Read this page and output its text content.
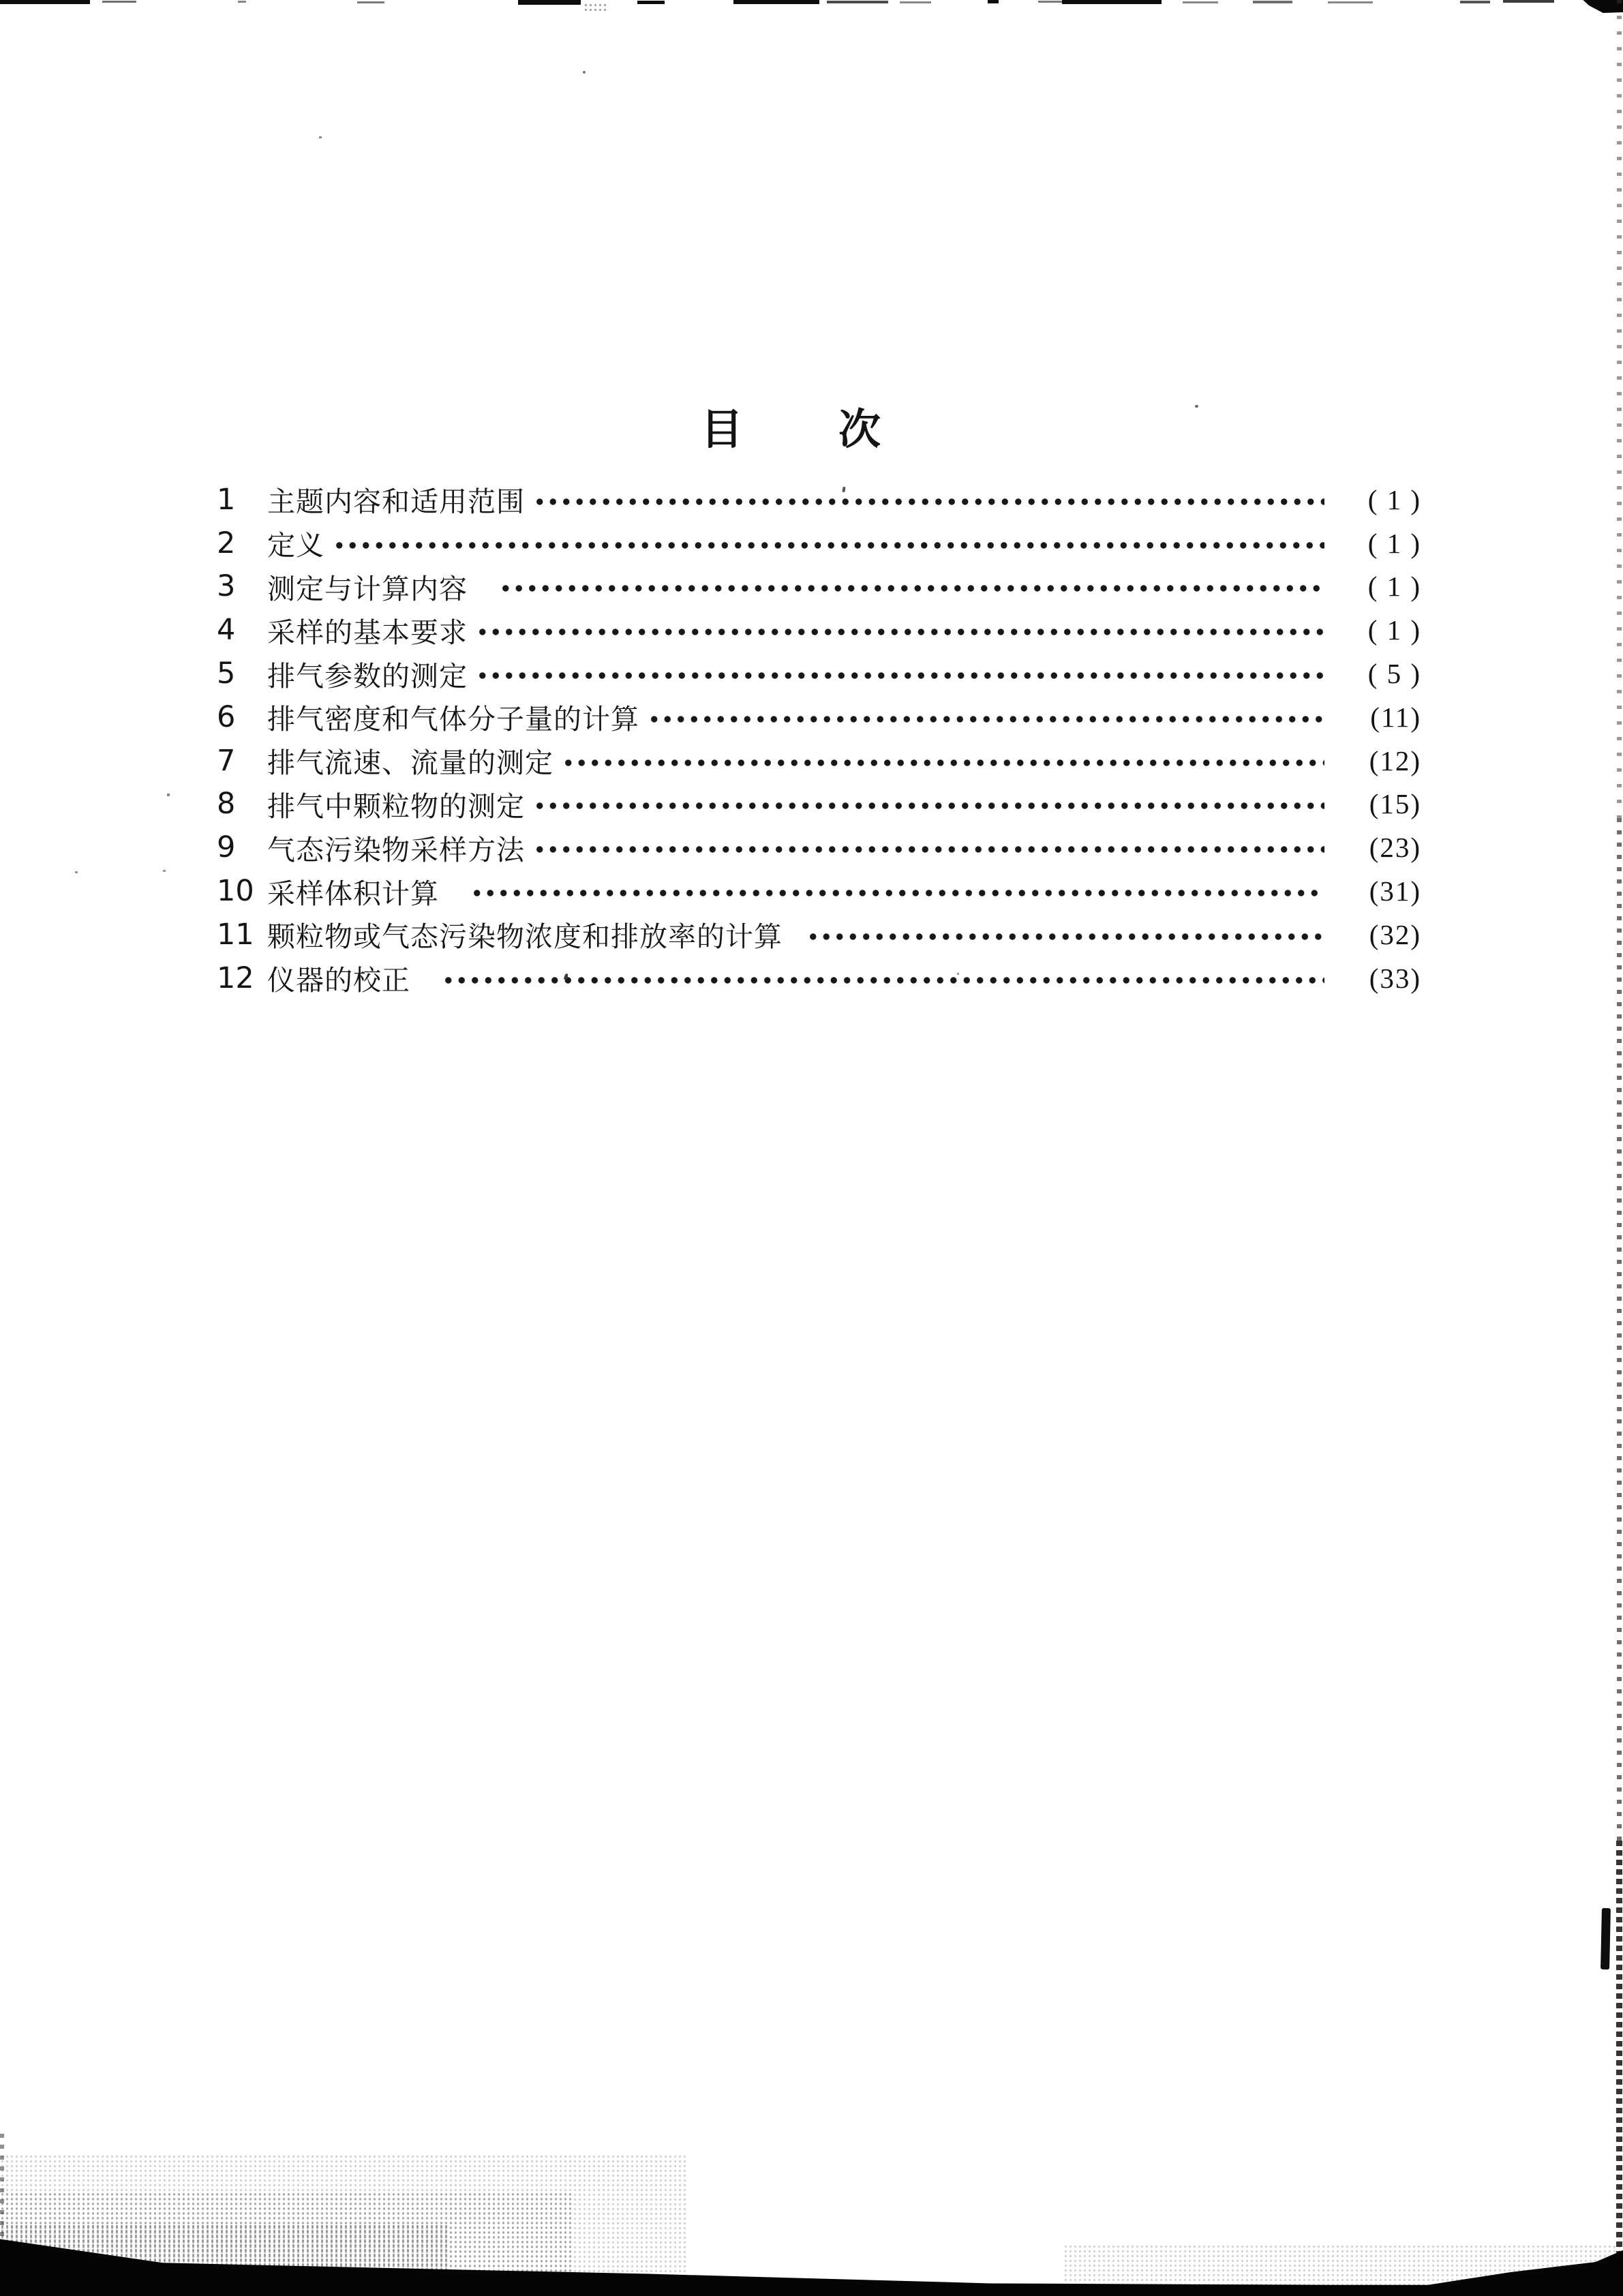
目 次
1	主题内容和适用范围	( 1 )
2	定义	( 1 )
3	测定与计算内容	( 1 )
4	采样的基本要求	( 1 )
5	排气参数的测定	( 5 )
6	排气密度和气体分子量的计算	(11)
7	排气流速、流量的测定	(12)
8	排气中颗粒物的测定	(15)
9	气态污染物采样方法	(23)
10 采样体积计算	(31)
11 颗粒物或气态污染物浓度和排放率的计算	(32)
12 仪器的校正	(33)
